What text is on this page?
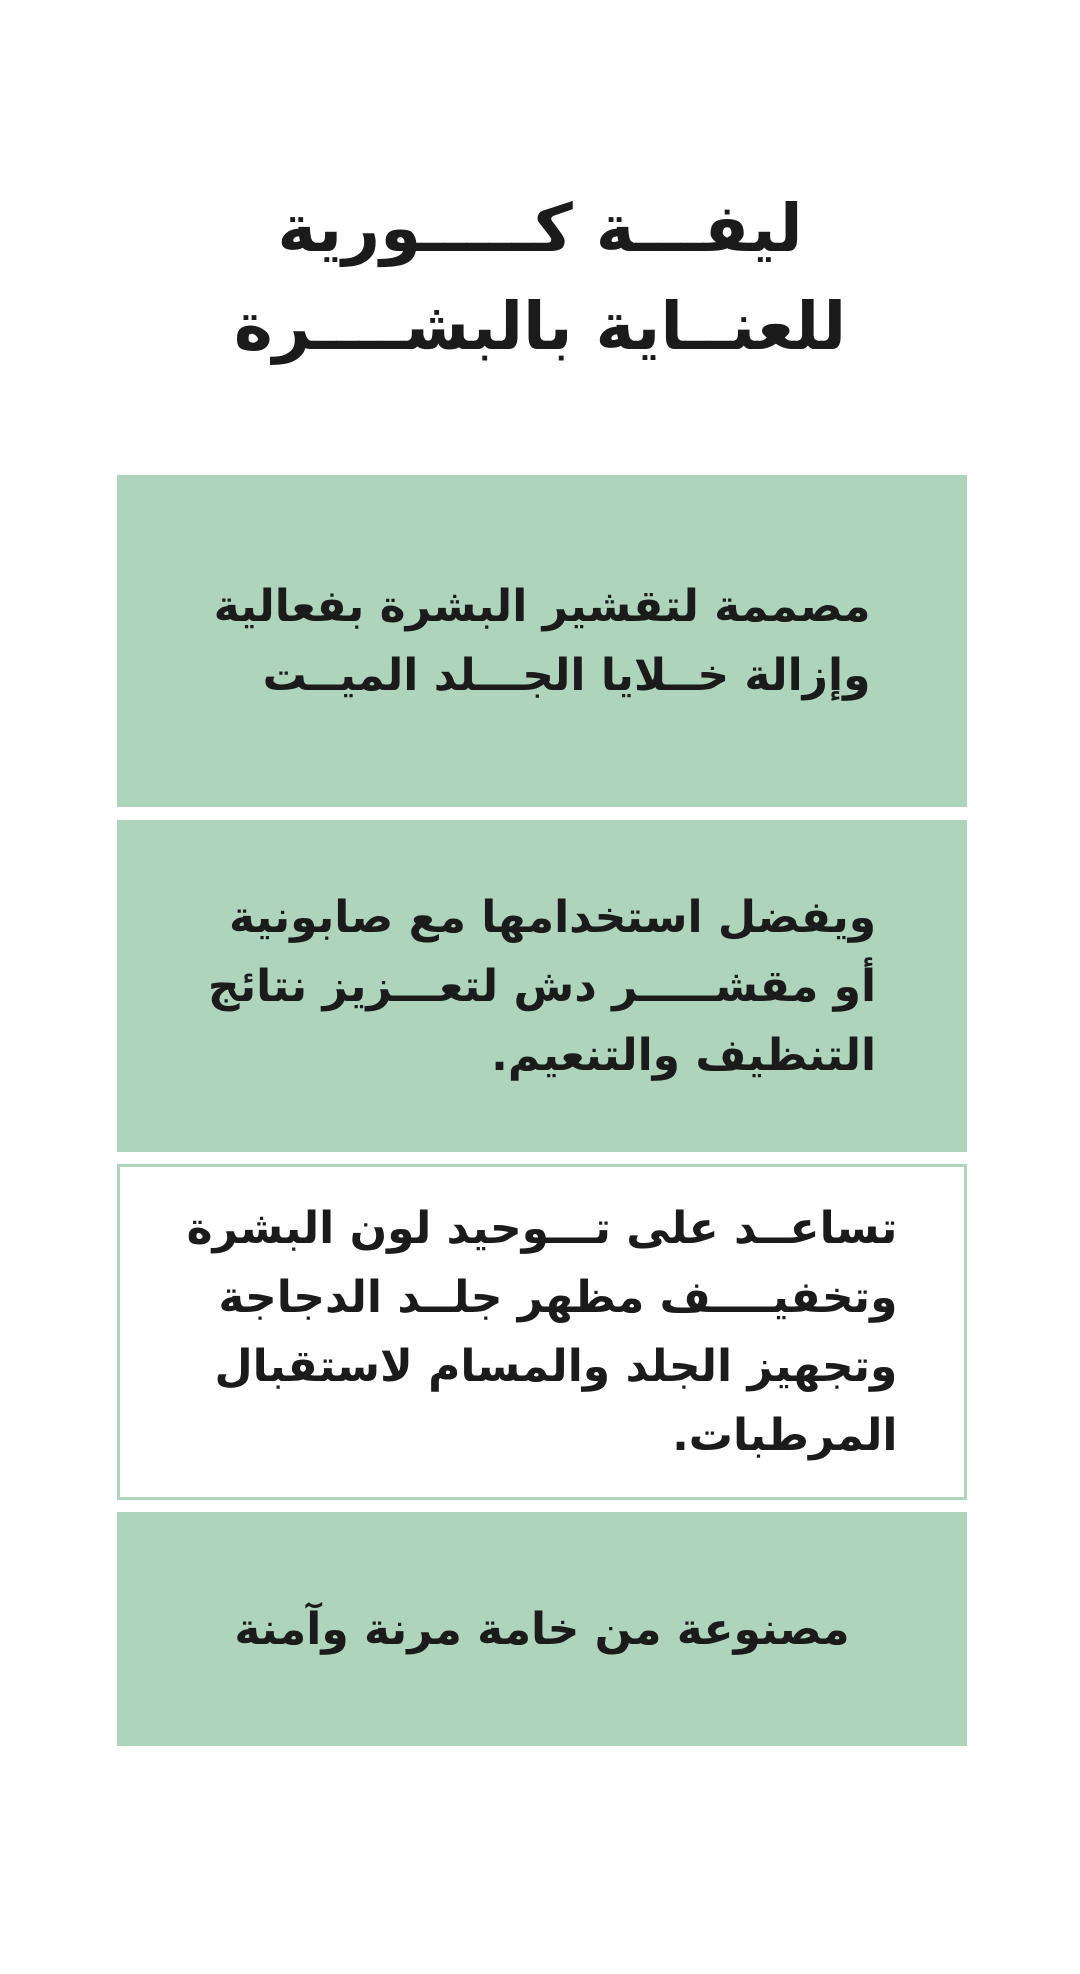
ليفـــة كـــــورية
للعنــاية بالبشــــرة
مصممة لتقشير البشرة بفعالية
وإزالة خــلايا الجـــلد الميــت
ويفضل استخدامها مع صابونية
أو مقشـــــر دش لتعـــزيز نتائج
التنظيف والتنعيم.
تساعــد على تـــوحيد لون البشرة
وتخفيــــف مظهر جلــد الدجاجة
وتجهيز الجلد والمسام لاستقبال
المرطبات.
مصنوعة من خامة مرنة وآمنة
